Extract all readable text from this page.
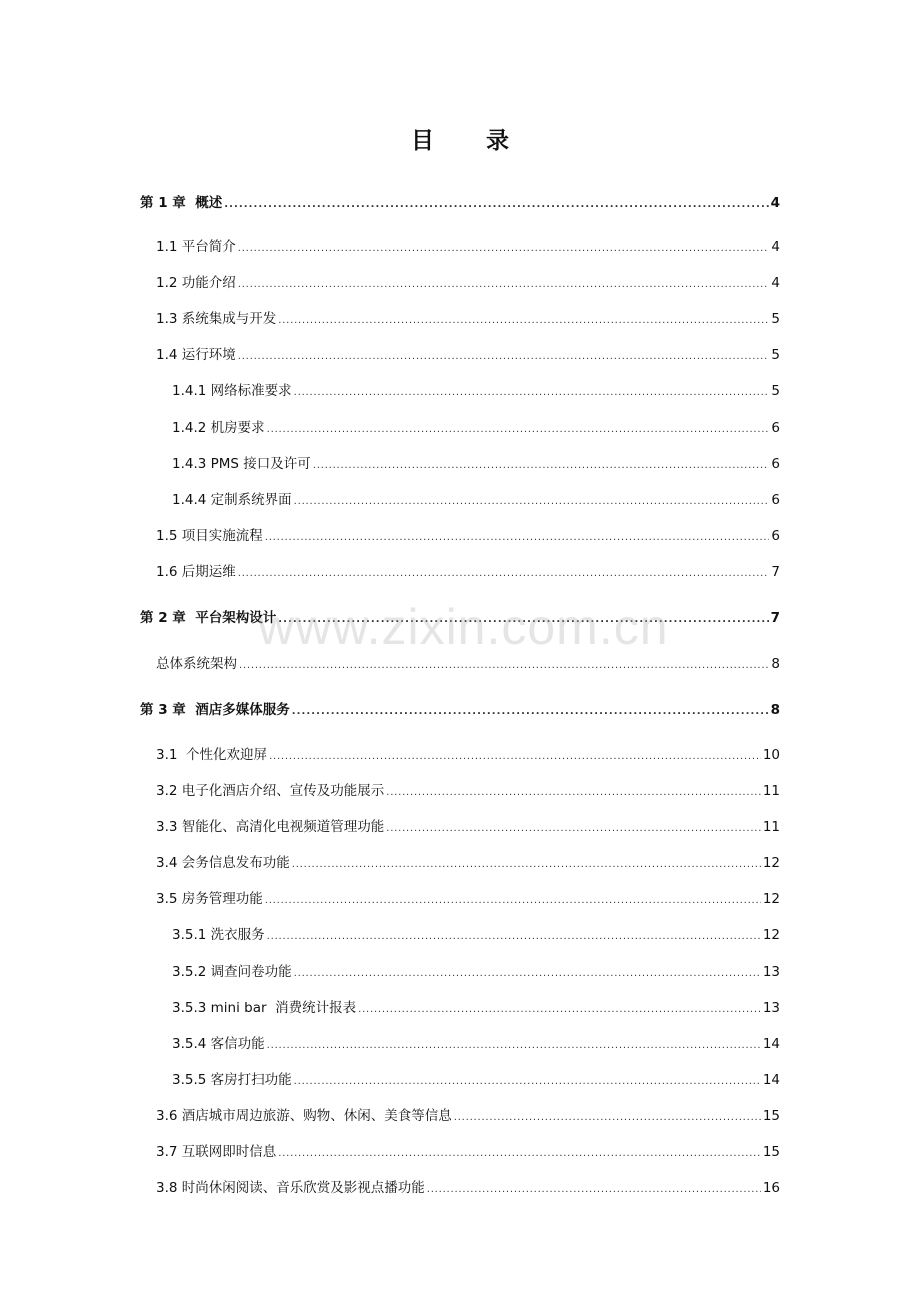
目 录
第 1 章  概述 . . .	4
1.1 平台简介 . . .	4
1.2 功能介绍 . . .	4
1.3 系统集成与开发 . . .	5
1.4 运行环境 . . .	5
1.4.1 网络标准要求 . . .	5
1.4.2 机房要求 . . .	6
1.4.3 PMS 接口及许可 . . .	6
1.4.4 定制系统界面 . . .	6
1.5 项目实施流程 . . .	6
1.6 后期运维 . . .	7
第 2 章  平台架构设计 . . .	7
总体系统架构 . . .	8
第 3 章  酒店多媒体服务 . . .	8
3.1  个性化欢迎屏 . . .	10
3.2 电子化酒店介绍、宣传及功能展示 . . .	11
3.3 智能化、高清化电视频道管理功能 . . .	11
3.4 会务信息发布功能 . . .	12
3.5 房务管理功能 . . .	12
3.5.1 洗衣服务 . . .	12
3.5.2 调查问卷功能 . . .	13
3.5.3 mini bar  消费统计报表 . . .	13
3.5.4 客信功能 . . .	14
3.5.5 客房打扫功能 . . .	14
3.6 酒店城市周边旅游、购物、休闲、美食等信息 . . .	15
3.7 互联网即时信息 . . .	15
3.8 时尚休闲阅读、音乐欣赏及影视点播功能 . . .	16
www.zixin.com.cn
